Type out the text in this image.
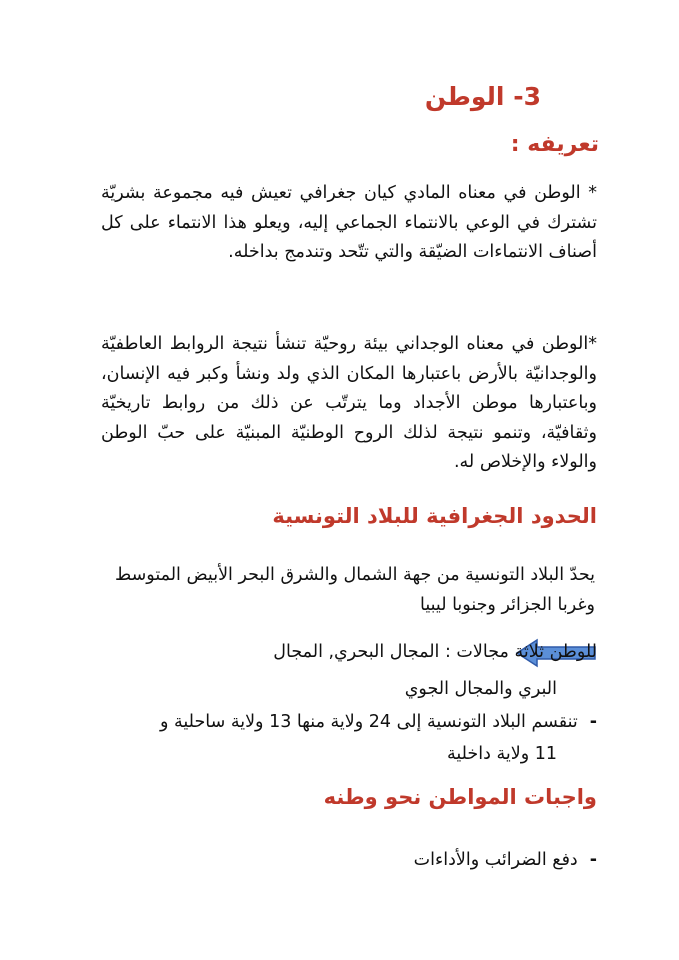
3- الوطن
تعريفه :

* الوطن في معناه المادي كيان جغرافي تعيش فيه مجموعة بشريّة تشترك في الوعي بالانتماء الجماعي إليه، ويعلو هذا الانتماء على كل أصناف الانتماءات الضيّقة والتي تتّحد وتندمج بداخله.

*الوطن في معناه الوجداني بيئة روحيّة تنشأ نتيجة الروابط العاطفيّة والوجدانيّة بالأرض باعتبارها المكان الذي ولد ونشأ وكبر فيه الإنسان، وباعتبارها موطن الأجداد وما يترتّب عن ذلك من روابط تاريخيّة وثقافيّة، وتنمو نتيجة لذلك الروح الوطنيّة المبنيّة على حبّ الوطن والولاء والإخلاص له.

الحدود الجغرافية للبلاد التونسية

يحدّ البلاد التونسية من جهة الشمال والشرق البحر الأبيض المتوسط وغربا الجزائر وجنوبا ليبيا

للوطن ثلاثة مجالات : المجال البحري, المجال

البري والمجال الجوي

-تنقسم البلاد التونسية إلى 24 ولاية منها 13 ولاية ساحلية و

11 ولاية داخلية

واجبات المواطن نحو وطنه

-دفع الضرائب والأداءات
